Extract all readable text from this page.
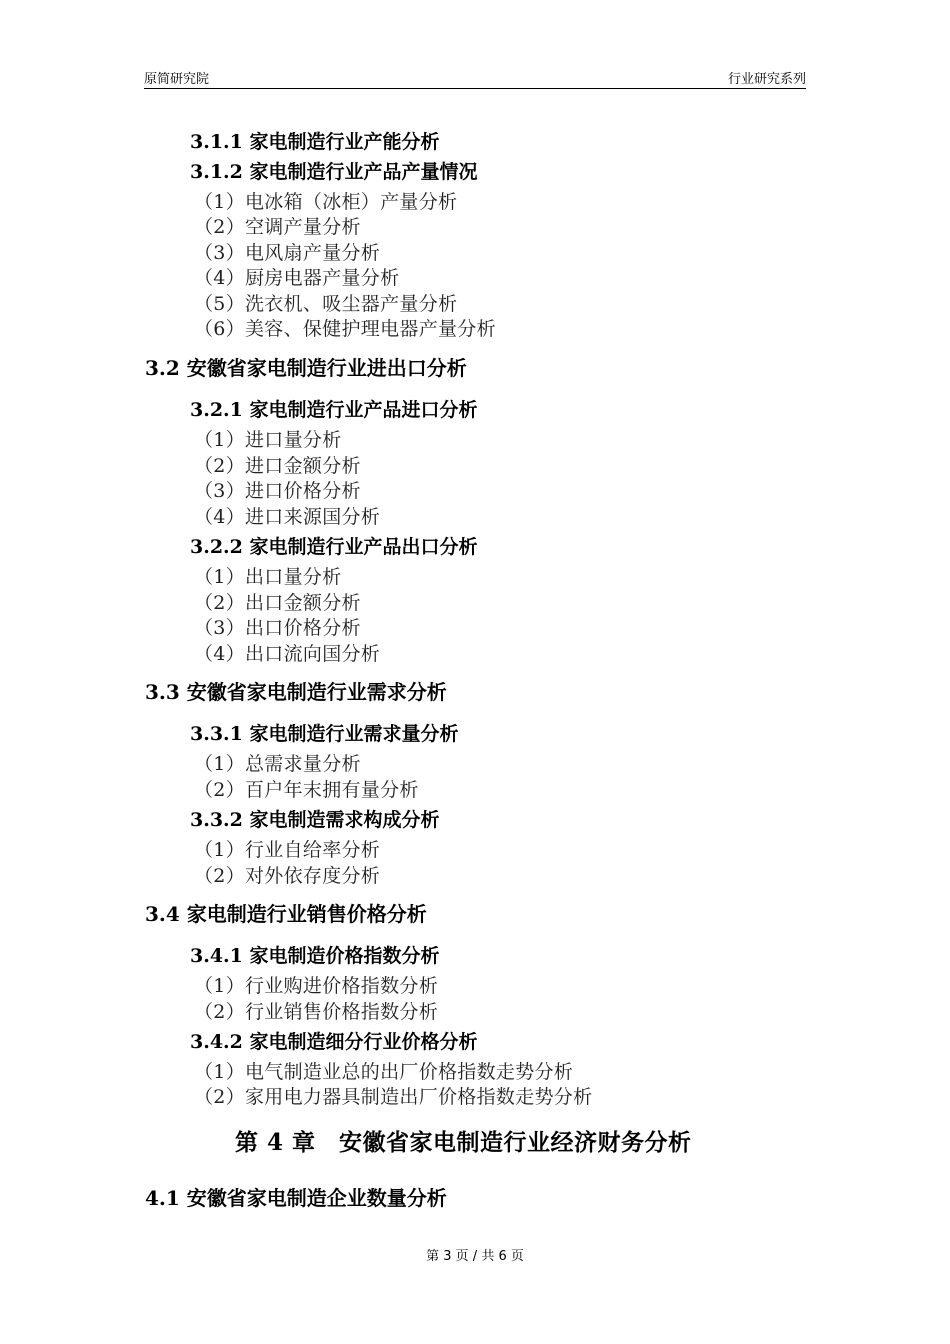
原简研究院	行业研究系列
3.1.1 家电制造行业产能分析
3.1.2 家电制造行业产品产量情况
（1）电冰箱（冰柜）产量分析
（2）空调产量分析
（3）电风扇产量分析
（4）厨房电器产量分析
（5）洗衣机、吸尘器产量分析
（6）美容、保健护理电器产量分析
3.2 安徽省家电制造行业进出口分析
3.2.1 家电制造行业产品进口分析
（1）进口量分析
（2）进口金额分析
（3）进口价格分析
（4）进口来源国分析
3.2.2 家电制造行业产品出口分析
（1）出口量分析
（2）出口金额分析
（3）出口价格分析
（4）出口流向国分析
3.3 安徽省家电制造行业需求分析
3.3.1 家电制造行业需求量分析
（1）总需求量分析
（2）百户年末拥有量分析
3.3.2 家电制造需求构成分析
（1）行业自给率分析
（2）对外依存度分析
3.4 家电制造行业销售价格分析
3.4.1 家电制造价格指数分析
（1）行业购进价格指数分析
（2）行业销售价格指数分析
3.4.2 家电制造细分行业价格分析
（1）电气制造业总的出厂价格指数走势分析
（2）家用电力器具制造出厂价格指数走势分析
第 4 章　安徽省家电制造行业经济财务分析
4.1 安徽省家电制造企业数量分析
第 3 页 / 共 6 页
